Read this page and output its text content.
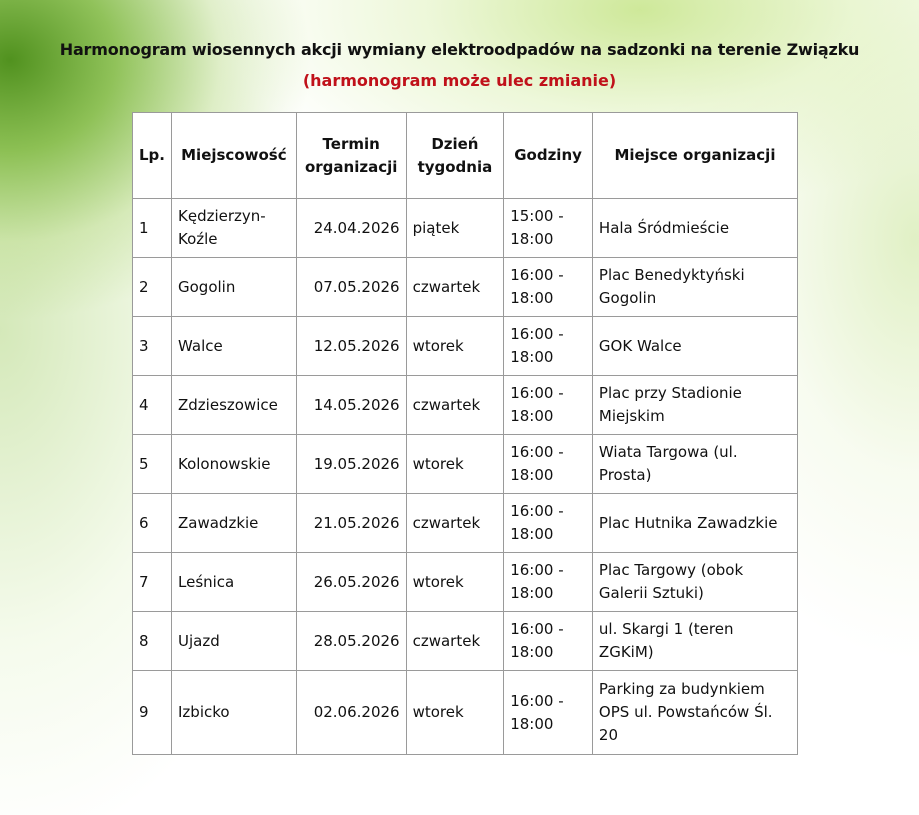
Harmonogram wiosennych akcji wymiany elektroodpadów na sadzonki na terenie Związku
(harmonogram może ulec zmianie)
Lp.	Miejscowość	Termin organizacji	Dzień tygodnia	Godziny	Miejsce organizacji
1	Kędzierzyn-Koźle	24.04.2026	piątek	15:00 - 18:00	Hala Śródmieście
2	Gogolin	07.05.2026	czwartek	16:00 - 18:00	Plac Benedyktyński Gogolin
3	Walce	12.05.2026	wtorek	16:00 - 18:00	GOK Walce
4	Zdzieszowice	14.05.2026	czwartek	16:00 - 18:00	Plac przy Stadionie Miejskim
5	Kolonowskie	19.05.2026	wtorek	16:00 - 18:00	Wiata Targowa (ul. Prosta)
6	Zawadzkie	21.05.2026	czwartek	16:00 - 18:00	Plac Hutnika Zawadzkie
7	Leśnica	26.05.2026	wtorek	16:00 - 18:00	Plac Targowy (obok Galerii Sztuki)
8	Ujazd	28.05.2026	czwartek	16:00 - 18:00	ul. Skargi 1 (teren ZGKiM)
9	Izbicko	02.06.2026	wtorek	16:00 - 18:00	Parking za budynkiem OPS ul. Powstańców Śl. 20
